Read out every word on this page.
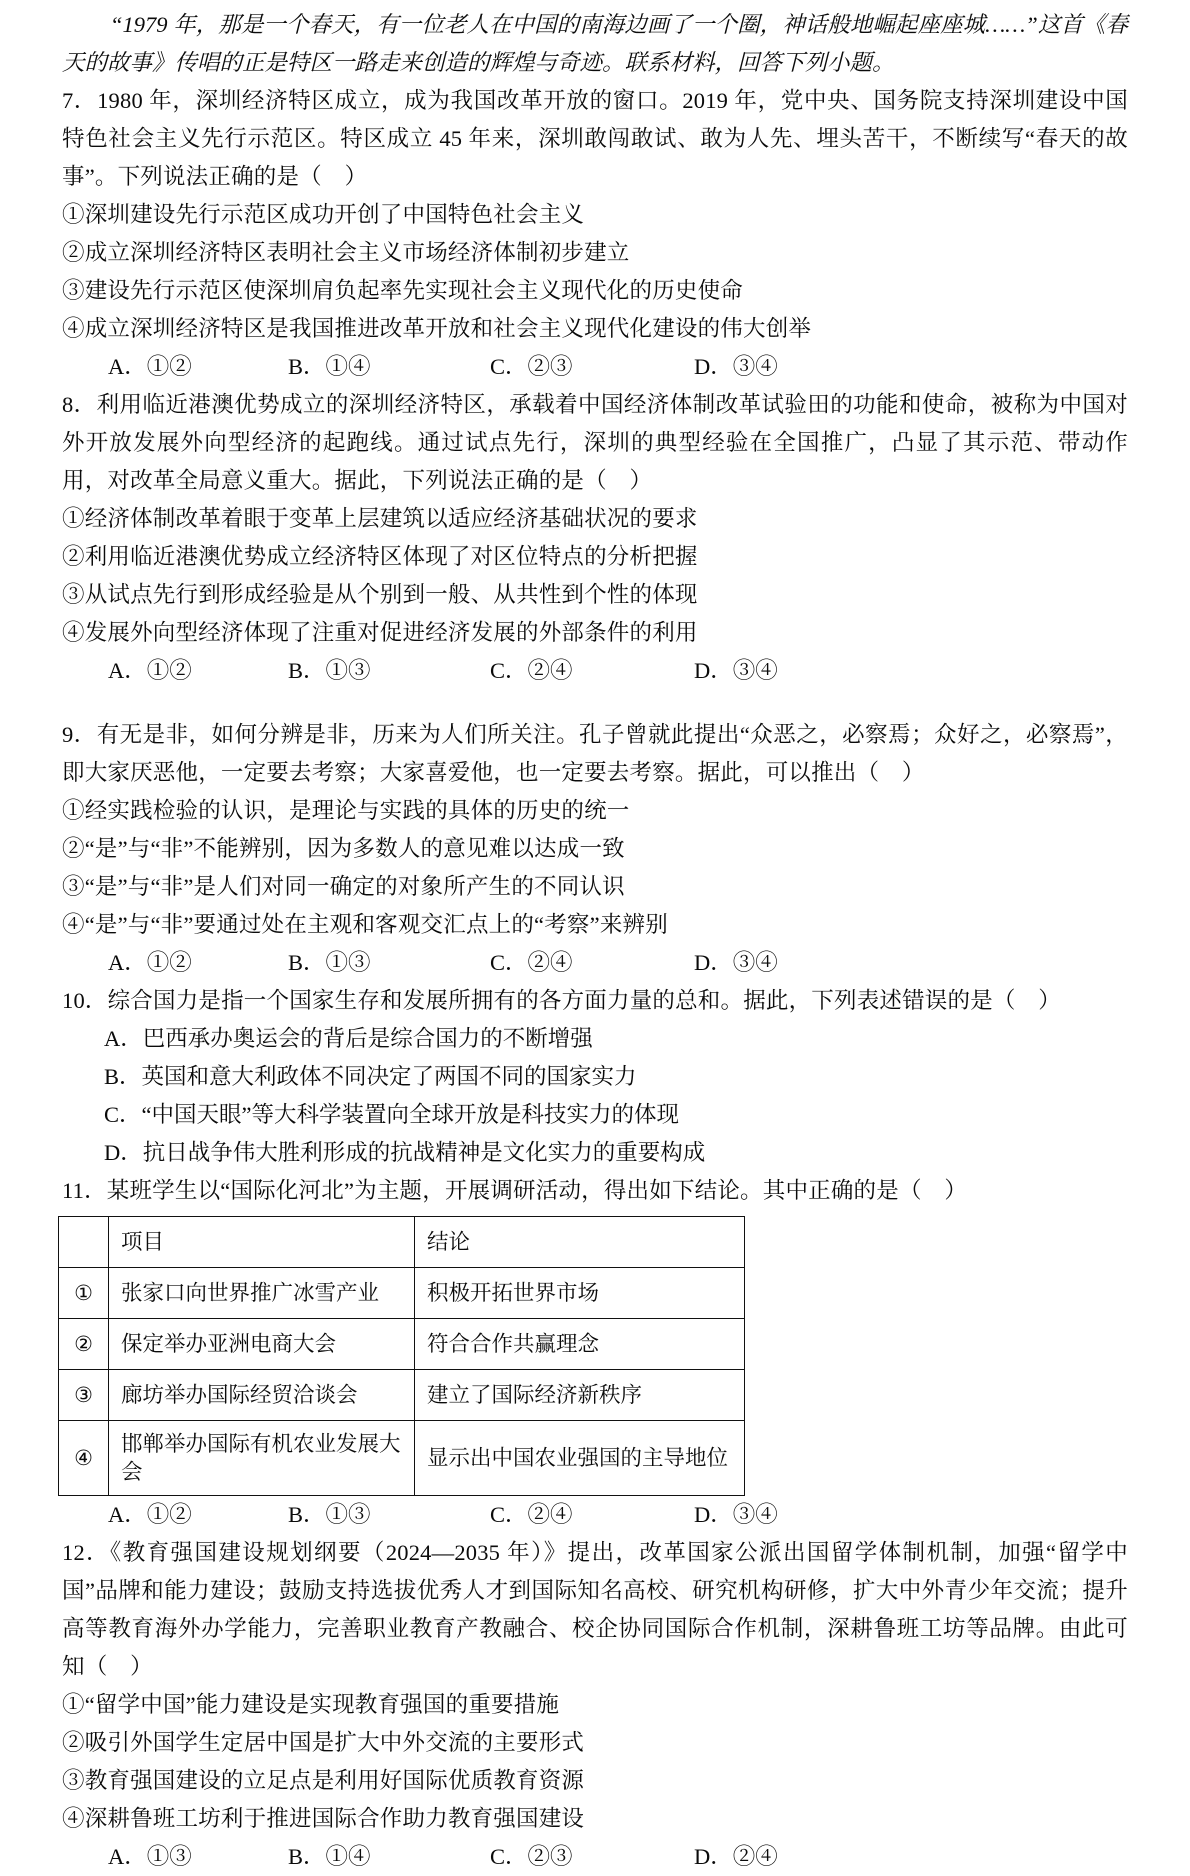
“1979 年，那是一个春天，有一位老人在中国的南海边画了一个圈，神话般地崛起座座城……”这首《春天的故事》传唱的正是特区一路走来创造的辉煌与奇迹。联系材料，回答下列小题。

7．1980 年，深圳经济特区成立，成为我国改革开放的窗口。2019 年，党中央、国务院支持深圳建设中国特色社会主义先行示范区。特区成立 45 年来，深圳敢闯敢试、敢为人先、埋头苦干，不断续写“春天的故事”。下列说法正确的是（　）

①深圳建设先行示范区成功开创了中国特色社会主义

②成立深圳经济特区表明社会主义市场经济体制初步建立

③建设先行示范区使深圳肩负起率先实现社会主义现代化的历史使命

④成立深圳经济特区是我国推进改革开放和社会主义现代化建设的伟大创举

A．①②	B．①④	C．②③	D．③④

8．利用临近港澳优势成立的深圳经济特区，承载着中国经济体制改革试验田的功能和使命，被称为中国对外开放发展外向型经济的起跑线。通过试点先行，深圳的典型经验在全国推广，凸显了其示范、带动作用，对改革全局意义重大。据此，下列说法正确的是（　）

①经济体制改革着眼于变革上层建筑以适应经济基础状况的要求

②利用临近港澳优势成立经济特区体现了对区位特点的分析把握

③从试点先行到形成经验是从个别到一般、从共性到个性的体现

④发展外向型经济体现了注重对促进经济发展的外部条件的利用

A．①②	B．①③	C．②④	D．③④

9．有无是非，如何分辨是非，历来为人们所关注。孔子曾就此提出“众恶之，必察焉；众好之，必察焉”，即大家厌恶他，一定要去考察；大家喜爱他，也一定要去考察。据此，可以推出（　）

①经实践检验的认识，是理论与实践的具体的历史的统一

②“是”与“非”不能辨别，因为多数人的意见难以达成一致

③“是”与“非”是人们对同一确定的对象所产生的不同认识

④“是”与“非”要通过处在主观和客观交汇点上的“考察”来辨别

A．①②	B．①③	C．②④	D．③④

10．综合国力是指一个国家生存和发展所拥有的各方面力量的总和。据此，下列表述错误的是（　）

A．巴西承办奥运会的背后是综合国力的不断增强

B．英国和意大利政体不同决定了两国不同的国家实力

C．“中国天眼”等大科学装置向全球开放是科技实力的体现

D．抗日战争伟大胜利形成的抗战精神是文化实力的重要构成

11．某班学生以“国际化河北”为主题，开展调研活动，得出如下结论。其中正确的是（　）

	项目	结论
①	张家口向世界推广冰雪产业	积极开拓世界市场
②	保定举办亚洲电商大会	符合合作共赢理念
③	廊坊举办国际经贸洽谈会	建立了国际经济新秩序
④	邯郸举办国际有机农业发展大会	显示出中国农业强国的主导地位
A．①②	B．①③	C．②④	D．③④

12．《教育强国建设规划纲要（2024—2035 年）》提出，改革国家公派出国留学体制机制，加强“留学中国”品牌和能力建设；鼓励支持选拔优秀人才到国际知名高校、研究机构研修，扩大中外青少年交流；提升高等教育海外办学能力，完善职业教育产教融合、校企协同国际合作机制，深耕鲁班工坊等品牌。由此可知（　）

①“留学中国”能力建设是实现教育强国的重要措施

②吸引外国学生定居中国是扩大中外交流的主要形式

③教育强国建设的立足点是利用好国际优质教育资源

④深耕鲁班工坊利于推进国际合作助力教育强国建设

A．①③	B．①④	C．②③	D．②④
